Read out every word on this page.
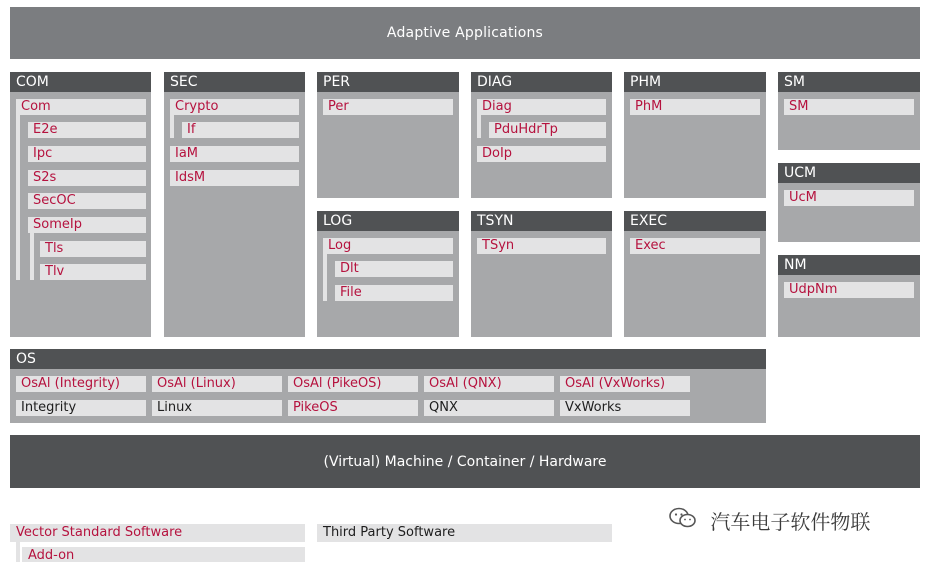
Adaptive Applications
COM
Com
E2e
Ipc
S2s
SecOC
SomeIp
Tls
Tlv
SEC
Crypto
If
IaM
IdsM
PER
Per
DIAG
Diag
PduHdrTp
DoIp
PHM
PhM
SM
SM
UCM
UcM
NM
UdpNm
LOG
Log
Dlt
File
TSYN
TSyn
EXEC
Exec
OS
OsAl (Integrity)	OsAl (Linux)	OsAl (PikeOS)	OsAl (QNX)	OsAl (VxWorks)
Integrity	Linux	PikeOS	QNX	VxWorks
(Virtual) Machine / Container / Hardware
Vector Standard Software
Add-on
Third Party Software	汽车电子软件物联
